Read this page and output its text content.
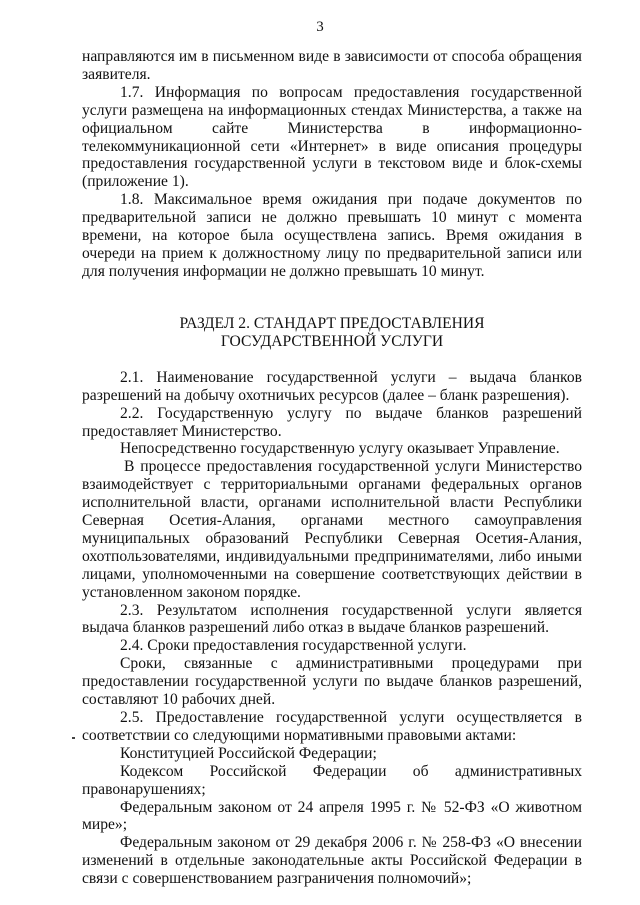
3

направляются им в письменном виде в зависимости от способа обращения заявителя.

1.7. Информация по вопросам предоставления государственной услуги размещена на информационных стендах Министерства, а также на официальном сайте Министерства в информационно-телекоммуникационной сети «Интернет» в виде описания процедуры предоставления государственной услуги в текстовом виде и блок-схемы (приложение 1).

1.8. Максимальное время ожидания при подаче документов по предварительной записи не должно превышать 10 минут с момента времени, на которое была осуществлена запись. Время ожидания в очереди на прием к должностному лицу по предварительной записи или для получения информации не должно превышать 10 минут.

РАЗДЕЛ 2. СТАНДАРТ ПРЕДОСТАВЛЕНИЯ ГОСУДАРСТВЕННОЙ УСЛУГИ

2.1. Наименование государственной услуги – выдача бланков разрешений на добычу охотничьих ресурсов (далее – бланк разрешения).

2.2. Государственную услугу по выдаче бланков разрешений предоставляет Министерство.

Непосредственно государственную услугу оказывает Управление.

В процессе предоставления государственной услуги Министерство взаимодействует с территориальными органами федеральных органов исполнительной власти, органами исполнительной власти Республики Северная Осетия-Алания, органами местного самоуправления муниципальных образований Республики Северная Осетия-Алания, охотпользователями, индивидуальными предпринимателями, либо иными лицами, уполномоченными на совершение соответствующих действии в установленном законом порядке.

2.3. Результатом исполнения государственной услуги является выдача бланков разрешений либо отказ в выдаче бланков разрешений.

2.4. Сроки предоставления государственной услуги.

Сроки, связанные с административными процедурами при предоставлении государственной услуги по выдаче бланков разрешений, составляют 10 рабочих дней.

2.5. Предоставление государственной услуги осуществляется в соответствии со следующими нормативными правовыми актами:

Конституцией Российской Федерации;

Кодексом Российской Федерации об административных правонарушениях;

Федеральным законом от 24 апреля 1995 г. № 52-ФЗ «О животном мире»;

Федеральным законом от 29 декабря 2006 г. № 258-ФЗ «О внесении изменений в отдельные законодательные акты Российской Федерации в связи с совершенствованием разграничения полномочий»;
